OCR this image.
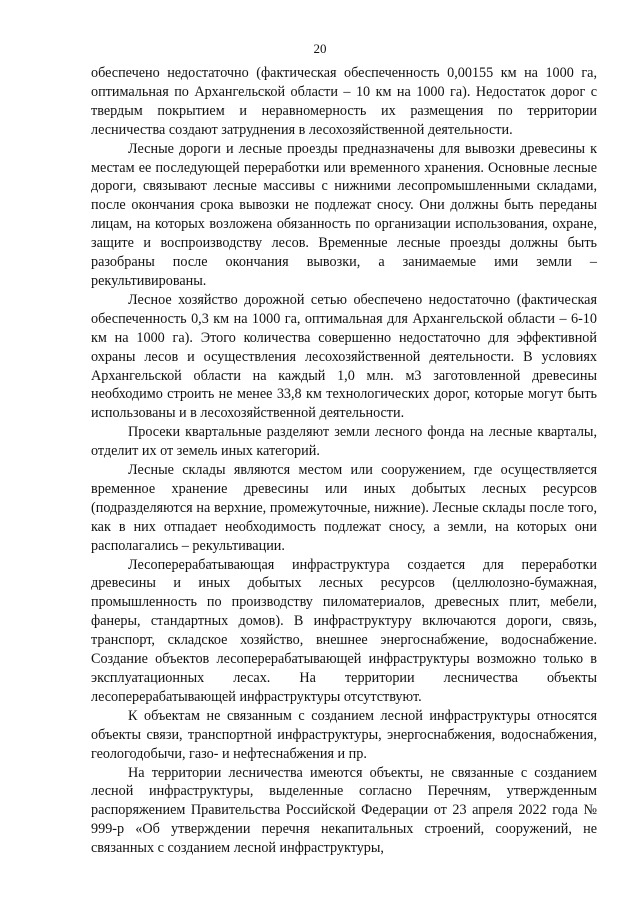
20

обеспечено недостаточно (фактическая обеспеченность 0,00155 км на 1000 га, оптимальная по Архангельской области – 10 км на 1000 га). Недостаток дорог с твердым покрытием и неравномерность их размещения по территории лесничества создают затруднения в лесохозяйственной деятельности.

Лесные дороги и лесные проезды предназначены для вывозки древесины к местам ее последующей переработки или временного хранения. Основные лесные дороги, связывают лесные массивы с нижними лесопромышленными складами, после окончания срока вывозки не подлежат сносу. Они должны быть переданы лицам, на которых возложена обязанность по организации использования, охране, защите и воспроизводству лесов. Временные лесные проезды должны быть разобраны после окончания вывозки, а занимаемые ими земли – рекультивированы.

Лесное хозяйство дорожной сетью обеспечено недостаточно (фактическая обеспеченность 0,3 км на 1000 га, оптимальная для Архангельской области – 6-10 км на 1000 га). Этого количества совершенно недостаточно для эффективной охраны лесов и осуществления лесохозяйственной деятельности. В условиях Архангельской области на каждый 1,0 млн. м3 заготовленной древесины необходимо строить не менее 33,8 км технологических дорог, которые могут быть использованы и в лесохозяйственной деятельности.

Просеки квартальные разделяют земли лесного фонда на лесные кварталы, отделит их от земель иных категорий.

Лесные склады являются местом или сооружением, где осуществляется временное хранение древесины или иных добытых лесных ресурсов (подразделяются на верхние, промежуточные, нижние). Лесные склады после того, как в них отпадает необходимость подлежат сносу, а земли, на которых они располагались – рекультивации.

Лесоперерабатывающая инфраструктура создается для переработки древесины и иных добытых лесных ресурсов (целлюлозно-бумажная, промышленность по производству пиломатериалов, древесных плит, мебели, фанеры, стандартных домов). В инфраструктуру включаются дороги, связь, транспорт, складское хозяйство, внешнее энергоснабжение, водоснабжение. Создание объектов лесоперерабатывающей инфраструктуры возможно только в эксплуатационных лесах. На территории лесничества объекты лесоперерабатывающей инфраструктуры отсутствуют.

К объектам не связанным с созданием лесной инфраструктуры относятся объекты связи, транспортной инфраструктуры, энергоснабжения, водоснабжения, геологодобычи, газо- и нефтеснабжения и пр.

На территории лесничества имеются объекты, не связанные с созданием лесной инфраструктуры, выделенные согласно Перечням, утвержденным распоряжением Правительства Российской Федерации от 23 апреля 2022 года № 999-р «Об утверждении перечня некапитальных строений, сооружений, не связанных с созданием лесной инфраструктуры,
